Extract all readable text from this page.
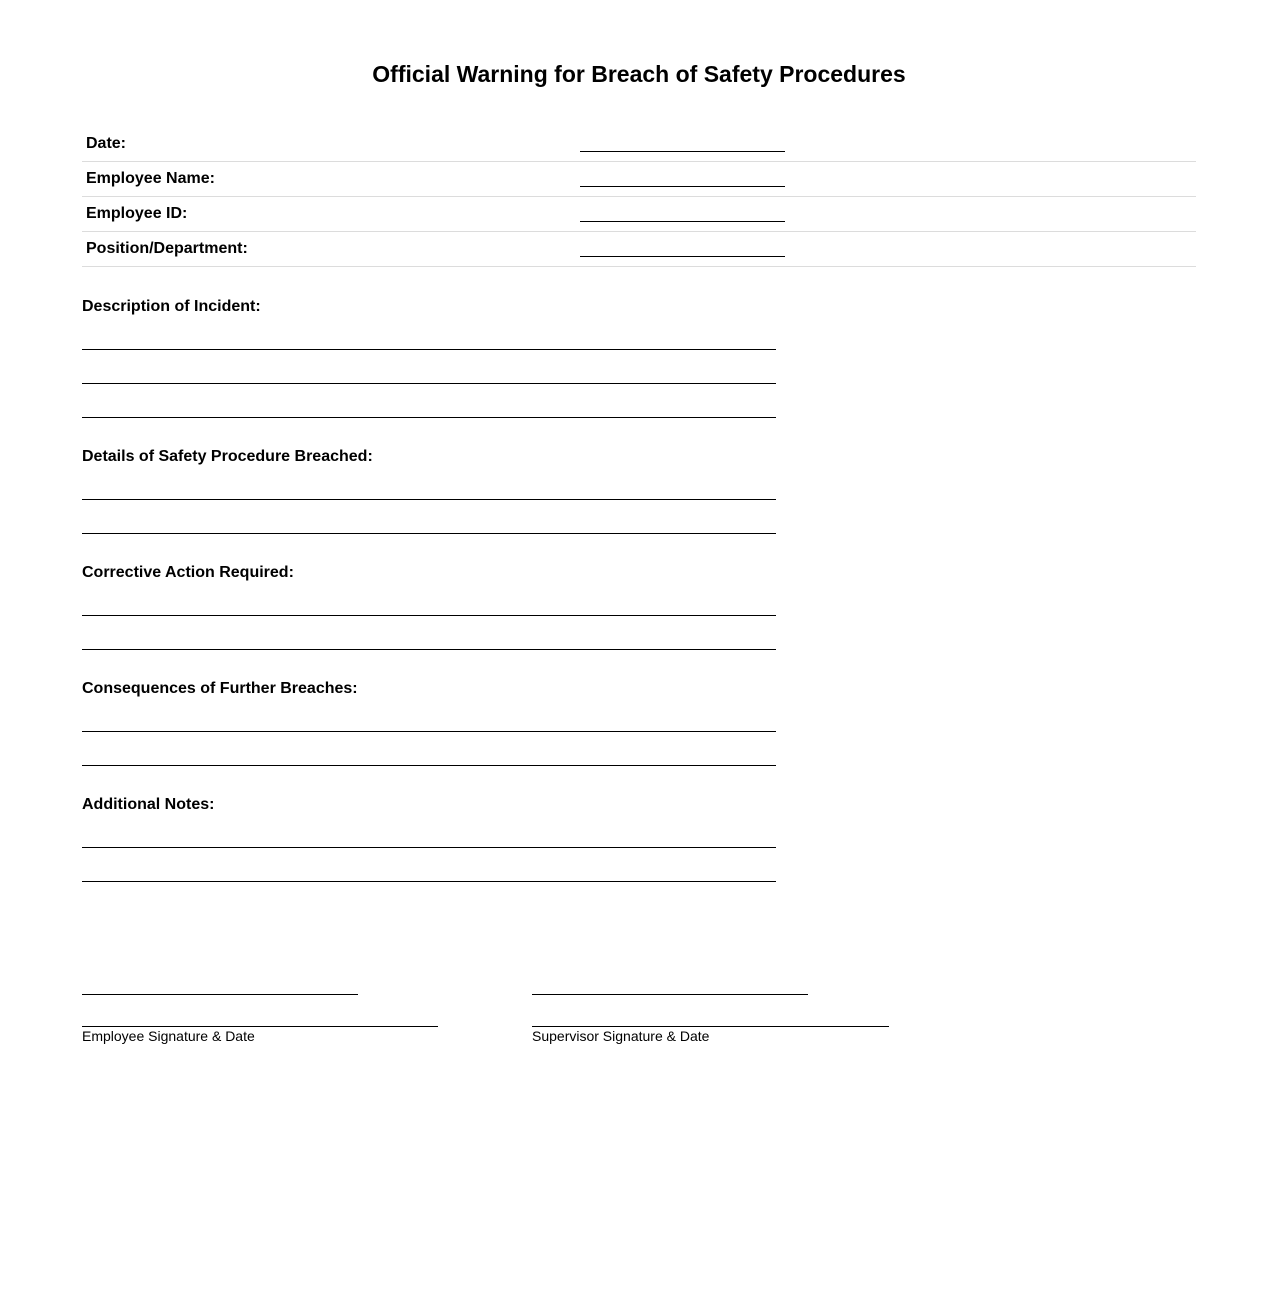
Official Warning for Breach of Safety Procedures
Date:
Employee Name:
Employee ID:
Position/Department:

Description of Incident:

Details of Safety Procedure Breached:

Corrective Action Required:

Consequences of Further Breaches:

Additional Notes:

Employee Signature & Date	Supervisor Signature & Date
